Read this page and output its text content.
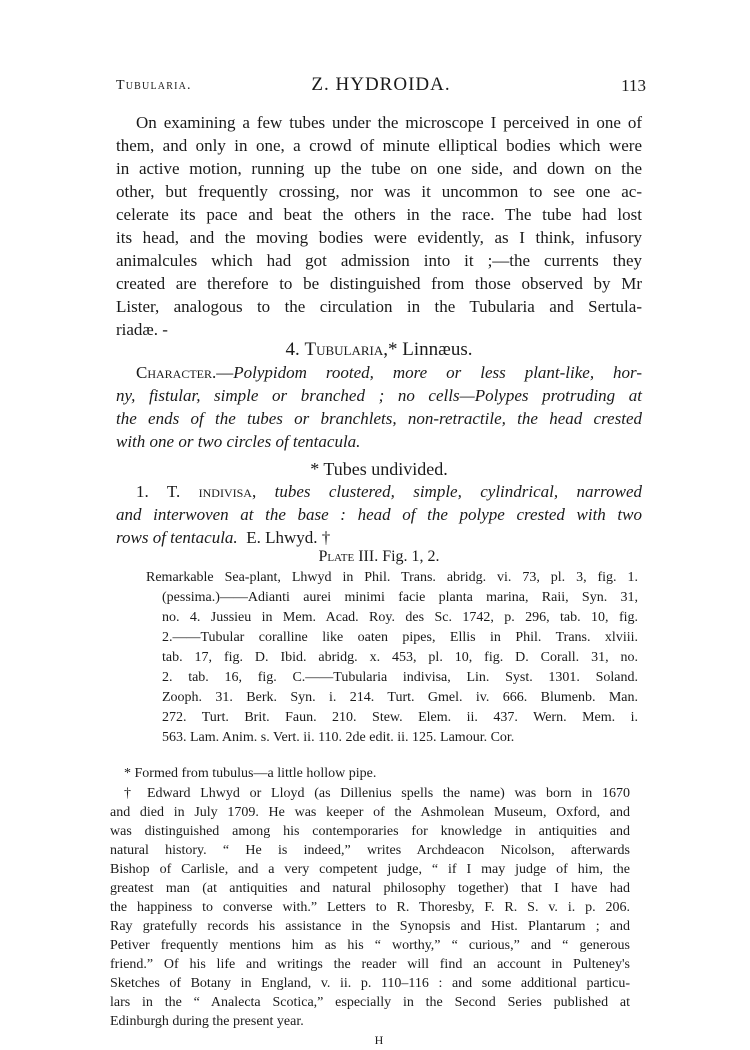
Tubularia.	Z. HYDROIDA.	113
On examining a few tubes under the microscope I perceived in one of
them, and only in one, a crowd of minute elliptical bodies which were
in active motion, running up the tube on one side, and down on the
other, but frequently crossing, nor was it uncommon to see one ac-
celerate its pace and beat the others in the race. The tube had lost
its head, and the moving bodies were evidently, as I think, infusory
animalcules which had got admission into it ;—the currents they
created are therefore to be distinguished from those observed by Mr
Lister, analogous to the circulation in the Tubularia and Sertula-
riadæ. -
4. Tubularia,* Linnæus.
Character.—Polypidom rooted, more or less plant-like, hor-
ny, fistular, simple or branched ; no cells—Polypes protruding at
the ends of the tubes or branchlets, non-retractile, the head crested
with one or two circles of tentacula.
* Tubes undivided.
1. T. indivisa, tubes clustered, simple, cylindrical, narrowed
and interwoven at the base : head of the polype crested with two
rows of tentacula. E. Lhwyd. †
Plate III. Fig. 1, 2.
Remarkable Sea-plant, Lhwyd in Phil. Trans. abridg. vi. 73, pl. 3, fig. 1.
(pessima.)——Adianti aurei minimi facie planta marina, Raii, Syn. 31,
no. 4. Jussieu in Mem. Acad. Roy. des Sc. 1742, p. 296, tab. 10, fig.
2.——Tubular coralline like oaten pipes, Ellis in Phil. Trans. xlviii.
tab. 17, fig. D. Ibid. abridg. x. 453, pl. 10, fig. D. Corall. 31, no.
2. tab. 16, fig. C.——Tubularia indivisa, Lin. Syst. 1301. Soland.
Zooph. 31. Berk. Syn. i. 214. Turt. Gmel. iv. 666. Blumenb. Man.
272. Turt. Brit. Faun. 210. Stew. Elem. ii. 437. Wern. Mem. i.
563. Lam. Anim. s. Vert. ii. 110. 2de edit. ii. 125. Lamour. Cor.
* Formed from tubulus—a little hollow pipe.
† Edward Lhwyd or Lloyd (as Dillenius spells the name) was born in 1670
and died in July 1709. He was keeper of the Ashmolean Museum, Oxford, and
was distinguished among his contemporaries for knowledge in antiquities and
natural history. “ He is indeed,” writes Archdeacon Nicolson, afterwards
Bishop of Carlisle, and a very competent judge, “ if I may judge of him, the
greatest man (at antiquities and natural philosophy together) that I have had
the happiness to converse with.” Letters to R. Thoresby, F. R. S. v. i. p. 206.
Ray gratefully records his assistance in the Synopsis and Hist. Plantarum ; and
Petiver frequently mentions him as his “ worthy,” “ curious,” and “ generous
friend.” Of his life and writings the reader will find an account in Pulteney's
Sketches of Botany in England, v. ii. p. 110–116 : and some additional particu-
lars in the “ Analecta Scotica,” especially in the Second Series published at
Edinburgh during the present year.
H
